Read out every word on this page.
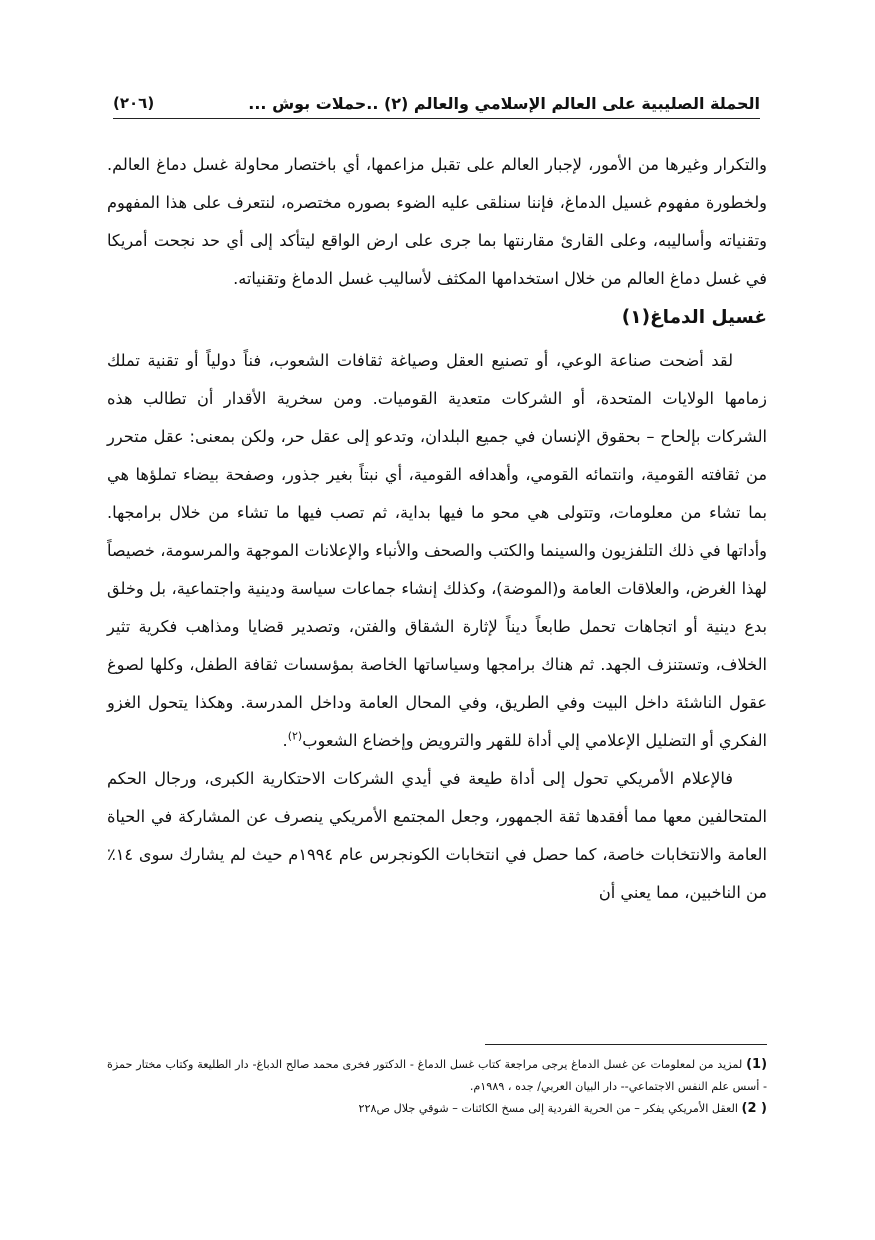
الحملة الصليبية على العالم الإسلامي والعالم (٢) ..حملات بوش ...
(٢٠٦)

والتكرار وغيرها من الأمور، لإجبار العالم على تقبل مزاعمها، أي باختصار محاولة غسل دماغ العالم. ولخطورة مفهوم غسيل الدماغ، فإننا سنلقى عليه الضوء بصوره مختصره، لنتعرف على هذا المفهوم وتقنياته وأساليبه، وعلى القارئ مقارنتها بما جرى على ارض الواقع ليتأكد إلى أي حد نجحت أمريكا في غسل دماغ العالم من خلال استخدامها المكثف لأساليب غسل الدماغ وتقنياته.

غسيل الدماغ(١)

لقد أضحت صناعة الوعي، أو تصنيع العقل وصياغة ثقافات الشعوب، فناً دولياً أو تقنية تملك زمامها الولايات المتحدة، أو الشركات متعدية القوميات. ومن سخرية الأقدار أن تطالب هذه الشركات بإلحاح – بحقوق الإنسان في جميع البلدان، وتدعو إلى عقل حر، ولكن بمعنى: عقل متحرر من ثقافته القومية، وانتمائه القومي، وأهدافه القومية، أي نبتاً بغير جذور، وصفحة بيضاء تملؤها هي بما تشاء من معلومات، وتتولى هي محو ما فيها بداية، ثم تصب فيها ما تشاء من خلال برامجها. وأداتها في ذلك التلفزيون والسينما والكتب والصحف والأنباء والإعلانات الموجهة والمرسومة، خصيصاً لهذا الغرض، والعلاقات العامة و(الموضة)، وكذلك إنشاء جماعات سياسة ودينية واجتماعية، بل وخلق بدع دينية أو اتجاهات تحمل طابعاً ديناً لإثارة الشقاق والفتن، وتصدير قضايا ومذاهب فكرية تثير الخلاف، وتستنزف الجهد. ثم هناك برامجها وسياساتها الخاصة بمؤسسات ثقافة الطفل، وكلها لصوغ عقول الناشئة داخل البيت وفي الطريق، وفي المحال العامة وداخل المدرسة. وهكذا يتحول الغزو الفكري أو التضليل الإعلامي إلي أداة للقهر والترويض وإخضاع الشعوب$^{(٢)}$.

فالإعلام الأمريكي تحول إلى أداة طيعة في أيدي الشركات الاحتكارية الكبرى، ورجال الحكم المتحالفين معها مما أفقدها ثقة الجمهور، وجعل المجتمع الأمريكي ينصرف عن المشاركة في الحياة العامة والانتخابات خاصة، كما حصل في انتخابات الكونجرس عام ١٩٩٤م حيث لم يشارك سوى ١٤٪ من الناخبين، مما يعني أن

(1) لمزيد من لمعلومات عن غسل الدماغ يرجى مراجعة كتاب غسل الدماغ - الدكتور فخرى محمد صالح الدباغ- دار الطليعة وكتاب مختار حمزة - أسس علم النفس الاجتماعي-- دار البيان العربي/ جده ، ١٩٨٩م.

( 2) العقل الأمريكي يفكر – من الحرية الفردية إلى مسخ الكائنات – شوقي جلال ص٢٢٨
